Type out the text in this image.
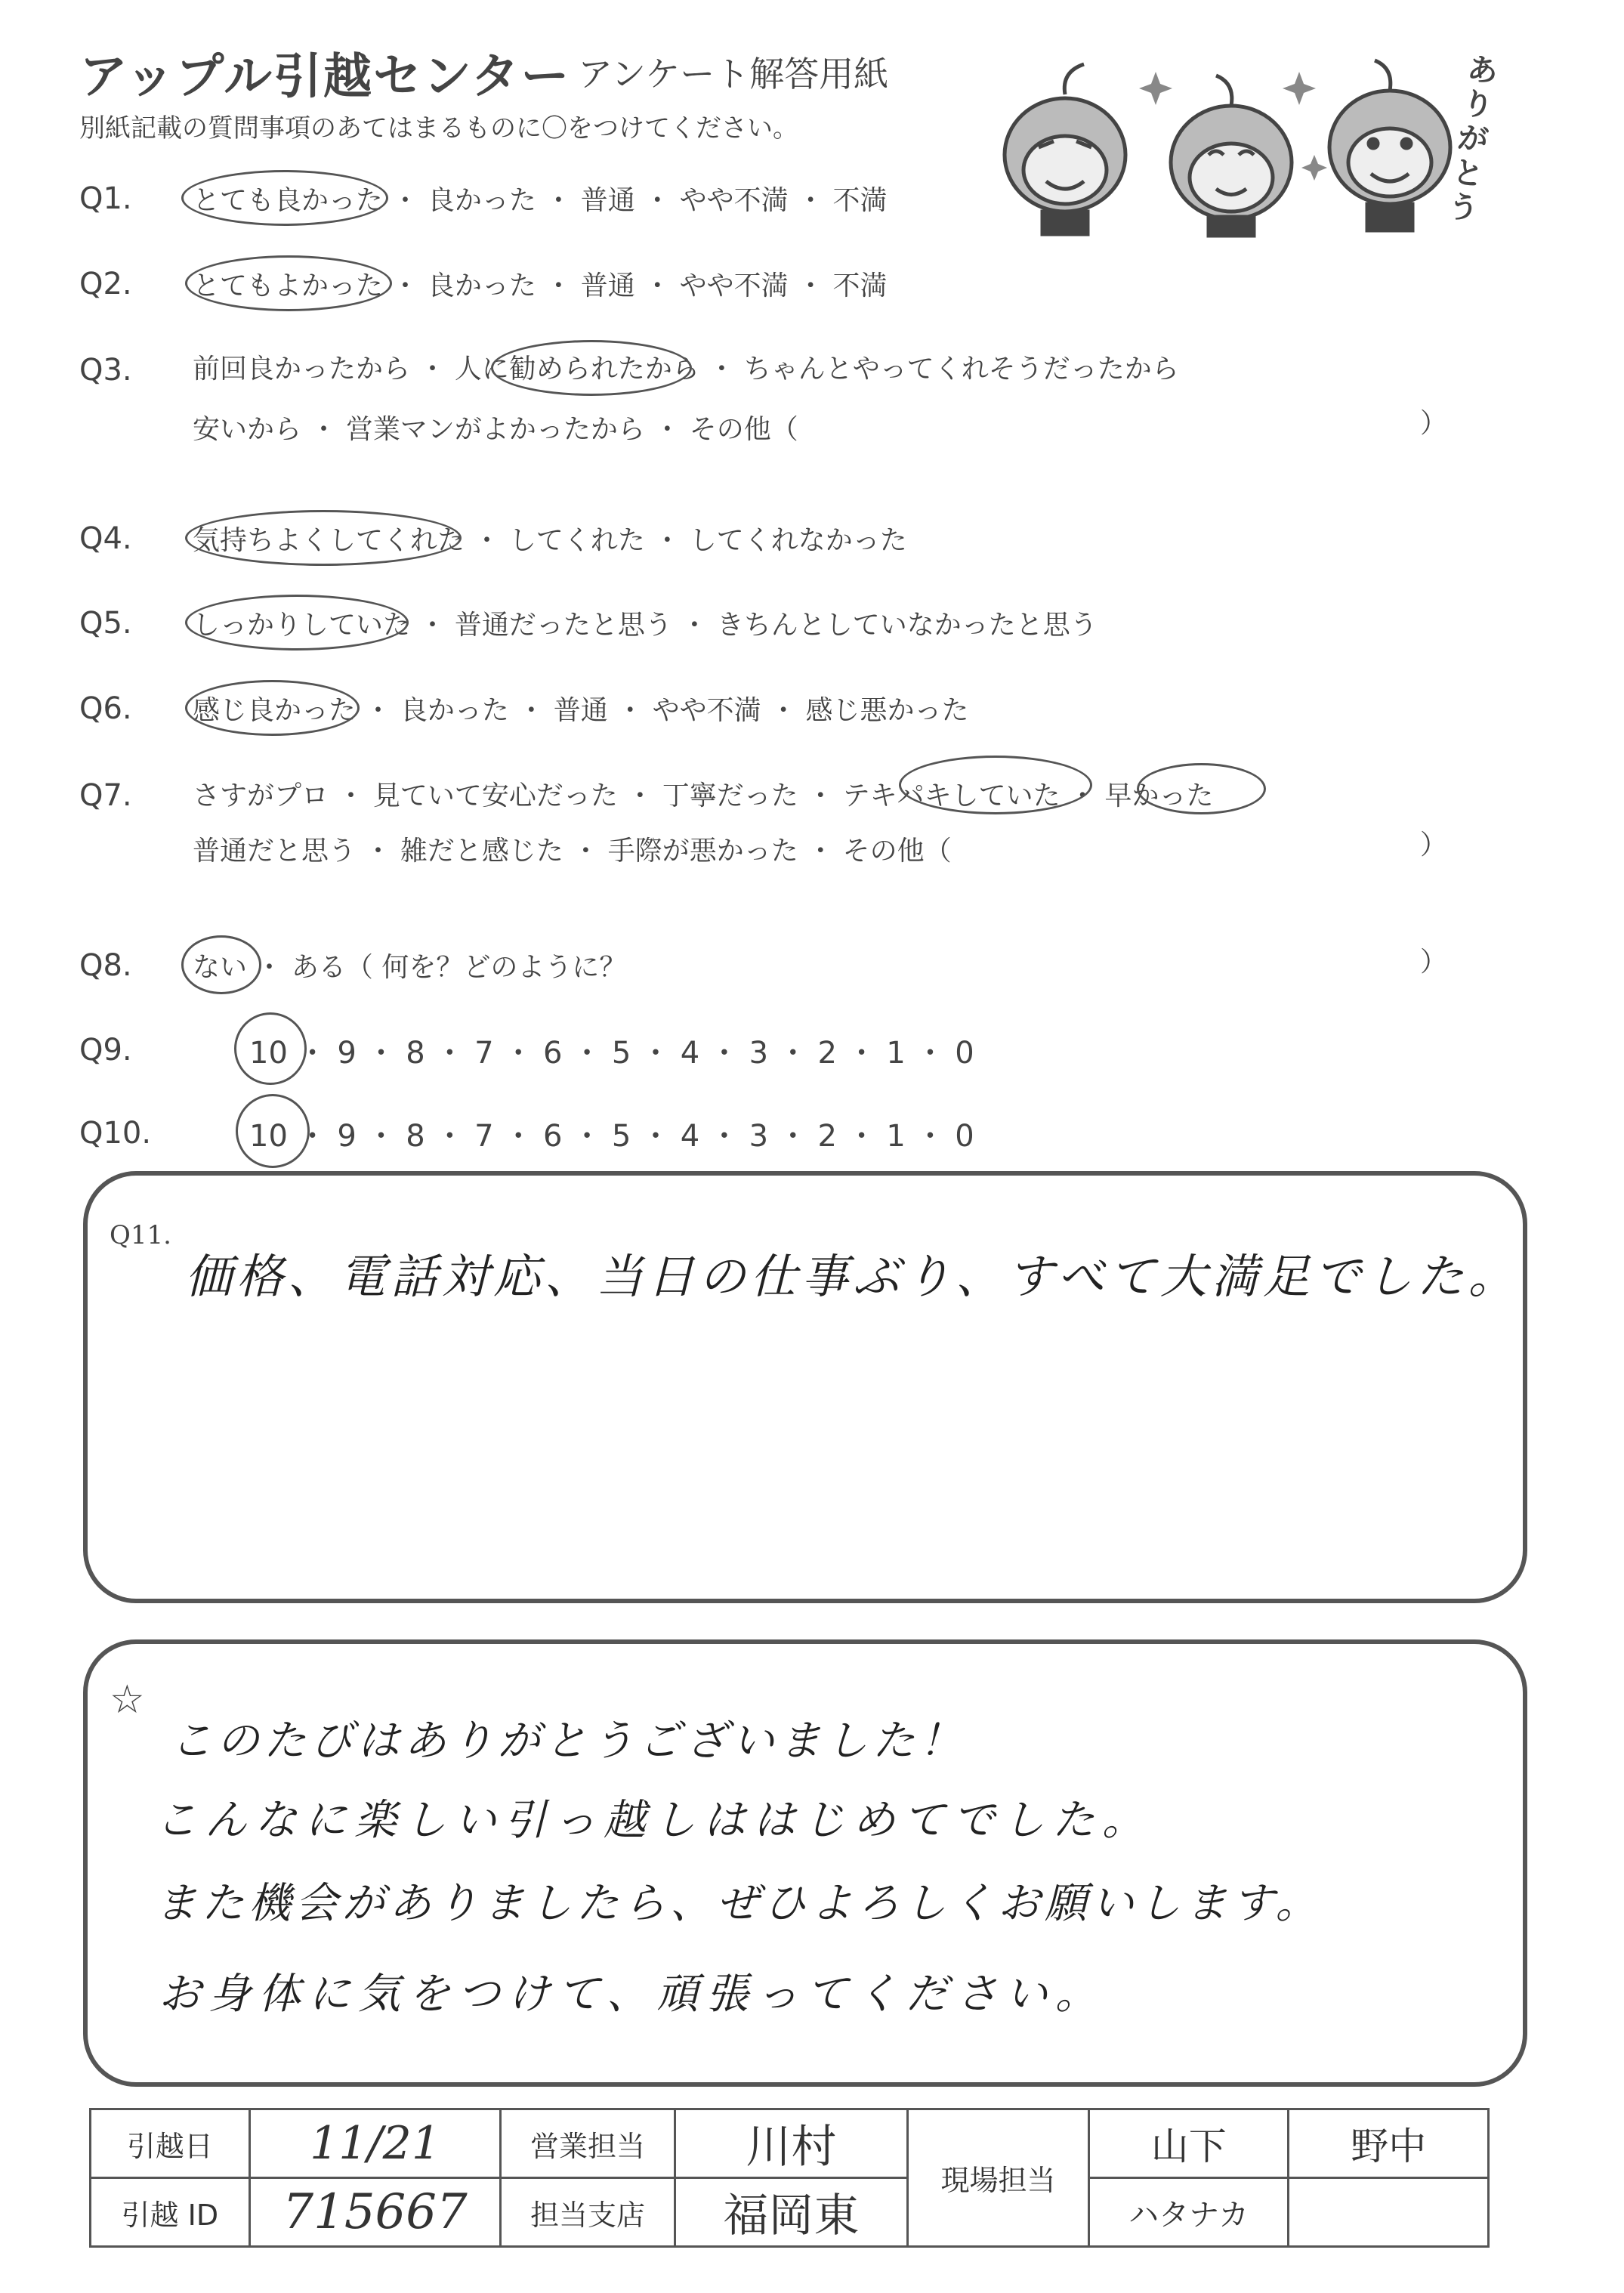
アップル引越センター アンケート解答用紙
別紙記載の質問事項のあてはまるものに〇をつけてください。
ありがとう
Q1. とても良かった ・ 良かった ・ 普通 ・ やや不満 ・ 不満
Q2. とてもよかった ・ 良かった ・ 普通 ・ やや不満 ・ 不満
Q3. 前回良かったから ・ 人に勧められたから ・ ちゃんとやってくれそうだったから
安いから ・ 営業マンがよかったから ・ その他（	）
Q4. 気持ちよくしてくれた ・ してくれた ・ してくれなかった
Q5. しっかりしていた ・ 普通だったと思う ・ きちんとしていなかったと思う
Q6. 感じ良かった ・ 良かった ・ 普通 ・ やや不満 ・ 感じ悪かった
Q7. さすがプロ ・ 見ていて安心だった ・ 丁寧だった ・ テキパキしていた ・ 早かった
普通だと思う ・ 雑だと感じた ・ 手際が悪かった ・ その他（	）
Q8. ない ・ ある（ 何を？どのように？	）
Q9.	10 ・ 9 ・ 8 ・ 7 ・ 6 ・ 5 ・ 4 ・ 3 ・ 2 ・ 1 ・ 0
Q10.	10 ・ 9 ・ 8 ・ 7 ・ 6 ・ 5 ・ 4 ・ 3 ・ 2 ・ 1 ・ 0
Q11.
価格、電話対応、当日の仕事ぶり、すべて大満足でした。
☆
このたびはありがとうございました！
こんなに楽しい引っ越しははじめてでした。
また機会がありましたら、ぜひよろしくお願いします。
お身体に気をつけて、頑張ってください。
引越日	11/21	営業担当	川村	現場担当	山下	野中
引越 ID	715667	担当支店	福岡東		ハタナカ	
